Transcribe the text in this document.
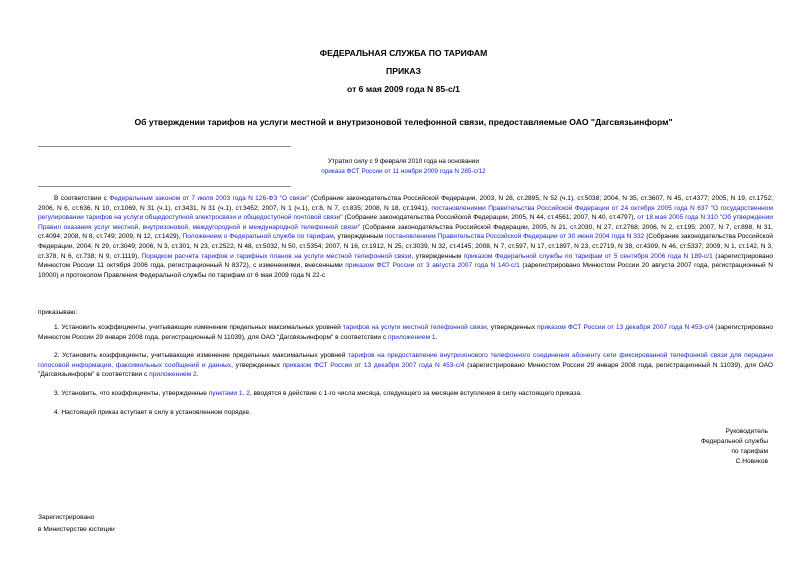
ФЕДЕРАЛЬНАЯ СЛУЖБА ПО ТАРИФАМ
ПРИКАЗ
от 6 мая 2009 года N 85-с/1
Об утверждении тарифов на услуги местной и внутризоновой телефонной связи, предоставляемые ОАО "Дагсвязьинформ"
Утратил силу с 9 февраля 2010 года на основании
приказа ФСТ России от 11 ноября 2009 года N 285-с/12
В соответствии с Федеральным законом от 7 июля 2003 года N 126-ФЗ "О связи" (Собрание законодательства Российской Федерации, 2003, N 28, ст.2895, N 52 (ч.1), ст.5038; 2004, N 35, ст.3607, N 45, ст.4377; 2005, N 19, ст.1752; 2006, N 6, ст.636, N 10, ст.1069, N 31 (ч.1), ст.3431, N 31 (ч.1), ст.3452; 2007, N 1 (ч.1), ст.8, N 7, ст.835; 2008, N 18, ст.1941), постановлениями Правительства Российской Федерации от 24 октября 2005 года N 637 "О государственном регулировании тарифов на услуги общедоступной электросвязи и общедоступной почтовой связи" (Собрание законодательства Российской Федерации, 2005, N 44, ст.4561; 2007, N 40, ст.4797), от 18 мая 2005 года N 310 "Об утверждении Правил оказания услуг местной, внутризоновой, междугородной и международной телефонной связи" (Собрание законодательства Российской Федерации, 2005, N 21, ст.2030, N 27, ст.2768; 2006, N 2, ст.195; 2007, N 7, ст.898, N 31, ст.4094; 2008, N 8, ст.749; 2009, N 12, ст.1429), Положением о Федеральной службе по тарифам, утвержденным постановлением Правительства Российской Федерации от 30 июня 2004 года N 332 (Собрание законодательства Российской Федерации, 2004, N 29, ст.3049; 2006, N 3, ст.301, N 23, ст.2522, N 48, ст.5032, N 50, ст.5354; 2007, N 16, ст.1912, N 25, ст.3039, N 32, ст.4145; 2008, N 7, ст.597, N 17, ст.1897, N 23, ст.2719, N 38, ст.4309, N 46, ст.5337; 2009, N 1, ст.142, N 3, ст.378, N 6, ст.738; N 9, ст.1119), Порядком расчета тарифов и тарифных планов на услуги местной телефонной связи, утвержденным приказом Федеральной службы по тарифам от 5 сентября 2006 года N 189-с/1 (зарегистрировано Минюстом России 11 октября 2006 года, регистрационный N 8372), с изменениями, внесенными приказом ФСТ России от 3 августа 2007 года N 140-с/1 (зарегистрировано Минюстом России 20 августа 2007 года, регистрационный N 10000) и протоколом Правления Федеральной службы по тарифам от 6 мая 2009 года N 22-с
приказываю:
1. Установить коэффициенты, учитывающие изменение предельных максимальных уровней тарифов на услуги местной телефонной связи, утвержденных приказом ФСТ России от 13 декабря 2007 года N 453-с/4 (зарегистрировано Минюстом России 29 января 2008 года, регистрационный N 11039), для ОАО "Дагсвязьинформ" в соответствии с приложением 1.
2. Установить коэффициенты, учитывающие изменение предельных максимальных уровней тарифов на предоставление внутризонового телефонного соединения абоненту сети фиксированной телефонной связи для передачи голосовой информации, факсимильных сообщений и данных, утвержденных приказом ФСТ России от 13 декабря 2007 года N 453-с/4 (зарегистрировано Минюстом России 29 января 2008 года, регистрационный N 11039), для ОАО "Дагсвязьинформ" в соответствии с приложением 2.
3. Установить, что коэффициенты, утвержденные пунктами 1, 2, вводятся в действие с 1-го числа месяца, следующего за месяцем вступления в силу настоящего приказа.
4. Настоящий приказ вступает в силу в установленном порядке.
Руководитель
Федеральной службы
по тарифам
С.Новиков
Зарегистрировано
в Министерстве юстиции
